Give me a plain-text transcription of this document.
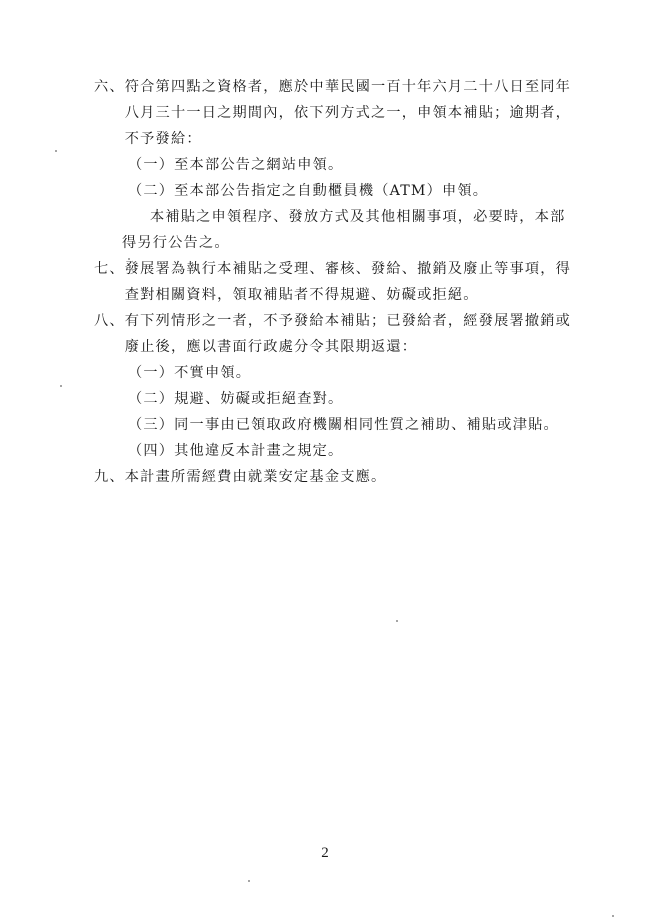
六、 符合第四點之資格者，應於中華民國一百十年六月二十八日至同年
八月三十一日之期間內，依下列方式之一，申領本補貼；逾期者，
不予發給：
（一）至本部公告之網站申領。
（二）至本部公告指定之自動櫃員機（ATM）申領。
本補貼之申領程序、發放方式及其他相關事項，必要時，本部
得另行公告之。
七、 發展署為執行本補貼之受理、審核、發給、撤銷及廢止等事項，得
查對相關資料，領取補貼者不得規避、妨礙或拒絕。
八、 有下列情形之一者，不予發給本補貼；已發給者，經發展署撤銷或
廢止後，應以書面行政處分令其限期返還：
（一）不實申領。
（二）規避、妨礙或拒絕查對。
（三）同一事由已領取政府機關相同性質之補助、補貼或津貼。
（四）其他違反本計畫之規定。
九、 本計畫所需經費由就業安定基金支應。
2
